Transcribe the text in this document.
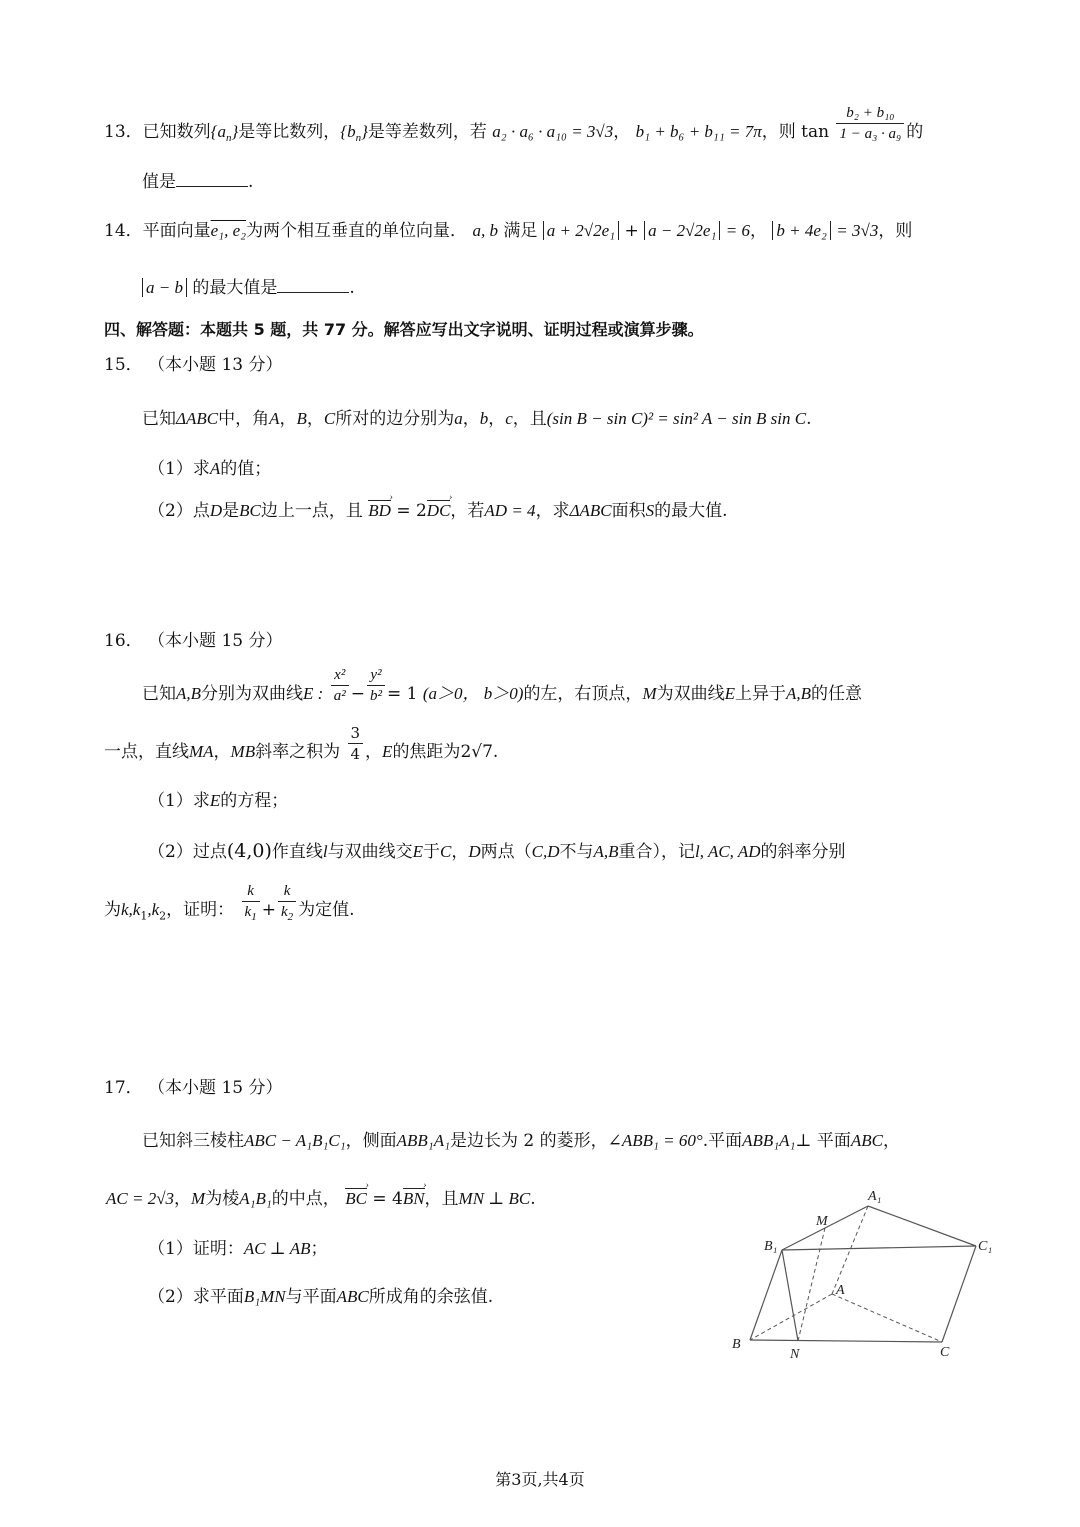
13．已知数列$\{a_n\}$是等比数列，$\{b_n\}$是等差数列，若 a₂ · a₆ · a₁₀ = 3√3， b₁ + b₆ + b₁₁ = 7π，则 $\tan \frac{\text{b₂ + b₁₀}}{\text{1 − a₃ · a₉}}$ 的
值是	.
14．平面向量e₁, e₂为两个相互垂直的单位向量． a, b 满足 a + 2√2e₁ + a − 2√2e₁ = 6， b + 4e₂ = 3√3，则
a − b 的最大值是	.
四、解答题：本题共 5 题，共 77 分。解答应写出文字说明、证明过程或演算步骤。
15． （本小题 13 分）
已知ΔABC中，角A，B，C所对的边分别为a，b，c，且(sin B − sin C)² = sin² A − sin B sin C.
（1）求A的值；
（2）点D是BC边上一点，且 BD › = 2DC ›，若AD = 4，求ΔABC面积S的最大值.
16． （本小题 15 分）
已知A,B分别为双曲线E : $\frac{\text{x²}}{\text{a²}} - \frac{\text{y²}}{\text{b²}} = 1$ (a＞0， b＞0)的左，右顶点，M为双曲线E上异于A,B的任意
一点，直线MA，MB斜率之积为 $\frac{3}{4}$ ，E的焦距为2√7.
（1）求E的方程；
（2）过点(4,0)作直线l与双曲线交E于C，D两点（C,D不与A,B重合），记l, AC, AD的斜率分别
为$k,k_1,k_2$，证明： $\frac{k}{k_1} + \frac{k}{k_2}$ 为定值.
17． （本小题 15 分）
已知斜三棱柱ABC − A₁B₁C₁，侧面ABB₁A₁是边长为 2 的菱形，∠ABB₁ = 60°.平面ABB₁A₁⊥ 平面ABC，
AC = 2√3，M为棱A₁B₁的中点， BC › = 4BN ›，且MN ⊥ BC.
（1）证明：AC ⊥ AB；
（2）求平面B₁MN与平面ABC所成角的余弦值.
A₁
M
B₁	C₁
A
B
N	C
第3页,共4页
